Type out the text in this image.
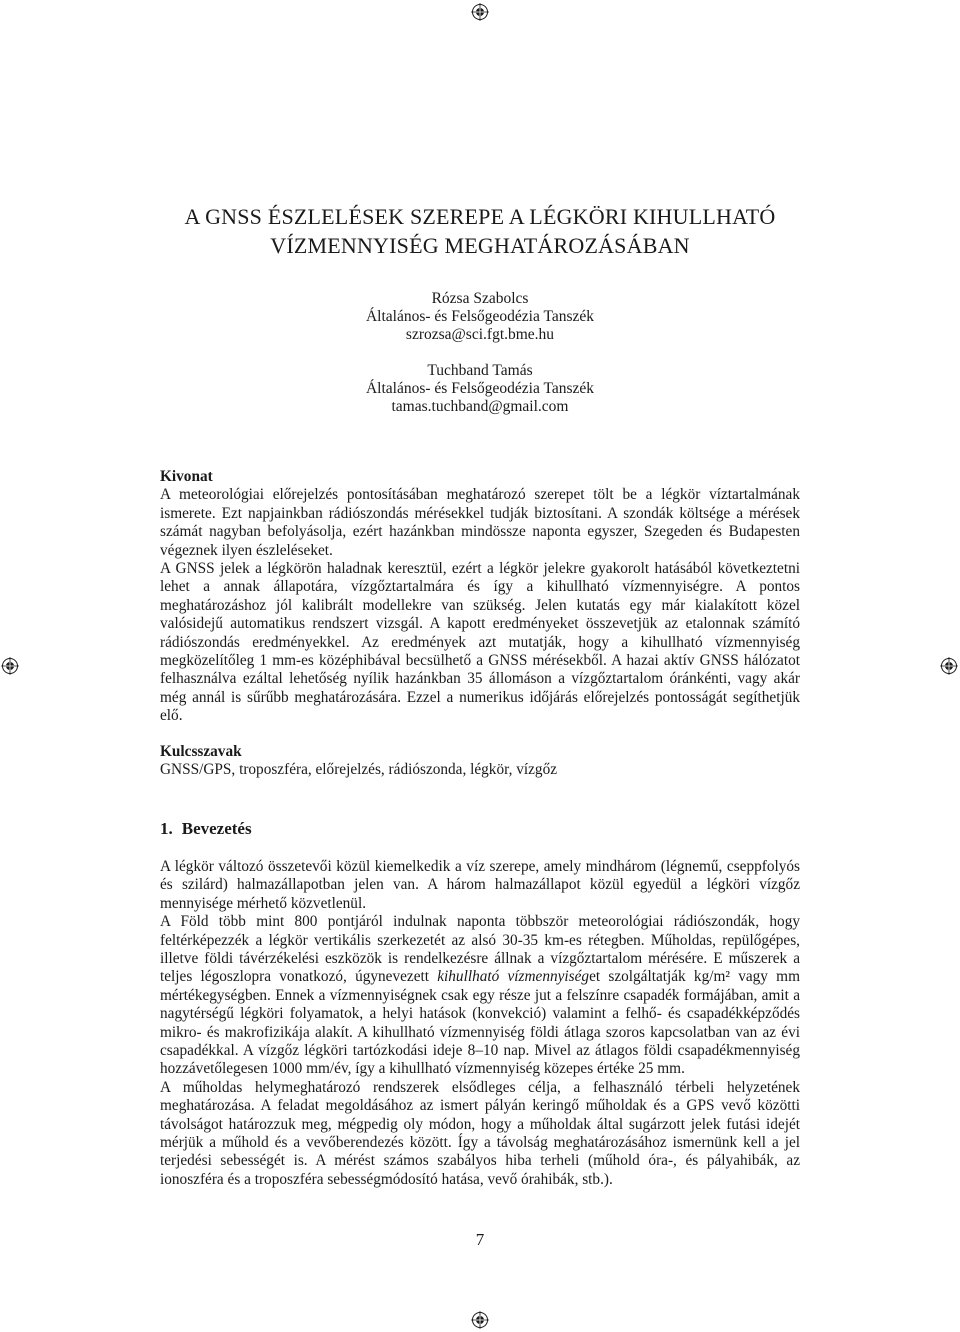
A GNSS ÉSZLELÉSEK SZEREPE A LÉGKÖRI KIHULLHATÓ
VÍZMENNYISÉG MEGHATÁROZÁSÁBAN
Rózsa Szabolcs
Általános- és Felsőgeodézia Tanszék
szrozsa@sci.fgt.bme.hu
Tuchband Tamás
Általános- és Felsőgeodézia Tanszék
tamas.tuchband@gmail.com

Kivonat

A meteorológiai előrejelzés pontosításában meghatározó szerepet tölt be a légkör víztartalmának ismerete. Ezt napjainkban rádiószondás mérésekkel tudják biztosítani. A szondák költsége a mérések számát nagyban befolyásolja, ezért hazánkban mindössze naponta egyszer, Szegeden és Budapesten végeznek ilyen észleléseket.

A GNSS jelek a légkörön haladnak keresztül, ezért a légkör jelekre gyakorolt hatásából következtetni lehet a annak állapotára, vízgőztartalmára és így a kihullható vízmennyiségre. A pontos meghatározáshoz jól kalibrált modellekre van szükség. Jelen kutatás egy már kialakított közel valósidejű automatikus rendszert vizsgál. A kapott eredményeket összevetjük az etalonnak számító rádiószondás eredményekkel. Az eredmények azt mutatják, hogy a kihullható vízmennyiség megközelítőleg 1 mm-es középhibával becsülhető a GNSS mérésekből. A hazai aktív GNSS hálózatot felhasználva ezáltal lehetőség nyílik hazánkban 35 állomáson a vízgőztartalom óránkénti, vagy akár még annál is sűrűbb meghatározására. Ezzel a numerikus időjárás előrejelzés pontosságát segíthetjük elő.

Kulcsszavak

GNSS/GPS, troposzféra, előrejelzés, rádiószonda, légkör, vízgőz

1. Bevezetés

A légkör változó összetevői közül kiemelkedik a víz szerepe, amely mindhárom (légnemű, cseppfolyós és szilárd) halmazállapotban jelen van. A három halmazállapot közül egyedül a légköri vízgőz mennyisége mérhető közvetlenül.

A Föld több mint 800 pontjáról indulnak naponta többször meteorológiai rádiószondák, hogy feltérképezzék a légkör vertikális szerkezetét az alsó 30-35 km-es rétegben. Műholdas, repülőgépes, illetve földi távérzékelési eszközök is rendelkezésre állnak a vízgőztartalom mérésére. E műszerek a teljes légoszlopra vonatkozó, úgynevezett kihullható vízmennyiséget szolgáltatják kg/m² vagy mm mértékegységben. Ennek a vízmennyiségnek csak egy része jut a felszínre csapadék formájában, amit a nagytérségű légköri folyamatok, a helyi hatások (konvekció) valamint a felhő- és csapadékképződés mikro- és makrofizikája alakít. A kihullható vízmennyiség földi átlaga szoros kapcsolatban van az évi csapadékkal. A vízgőz légköri tartózkodási ideje 8–10 nap. Mivel az átlagos földi csapadékmennyiség hozzávetőlegesen 1000 mm/év, így a kihullható vízmennyiség közepes értéke 25 mm.

A műholdas helymeghatározó rendszerek elsődleges célja, a felhasználó térbeli helyzetének meghatározása. A feladat megoldásához az ismert pályán keringő műholdak és a GPS vevő közötti távolságot határozzuk meg, mégpedig oly módon, hogy a műholdak által sugárzott jelek futási idejét mérjük a műhold és a vevőberendezés között. Így a távolság meghatározásához ismernünk kell a jel terjedési sebességét is. A mérést számos szabályos hiba terheli (műhold óra-, és pályahibák, az ionoszféra és a troposzféra sebességmódosító hatása, vevő órahibák, stb.).

7
